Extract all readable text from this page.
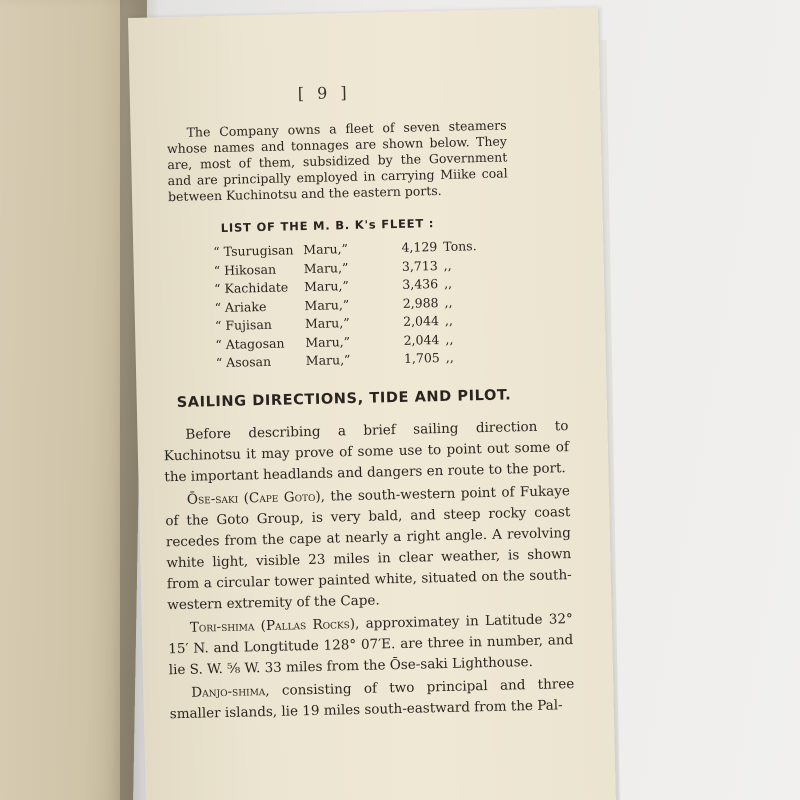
[ 9 ]

The Company owns a fleet of seven steamers whose names and tonnages are shown below. They are, most of them, subsidized by the Government and are principally employed in carrying Miike coal between Kuchinotsu and the eastern ports.

LIST OF THE M. B. K's FLEET :
“ Tsurugisan Maru,”	4,129 Tons.
“ Hikosan	Maru,”	3,713 ,,
“ Kachidate	Maru,”	3,436 ,,
“ Ariake	Maru,”	2,988 ,,
“ Fujisan	Maru,”	2,044 ,,
“ Atagosan	Maru,”	2,044 ,,
“ Asosan	Maru,”	1,705 ,,
SAILING DIRECTIONS, TIDE AND PILOT.

Before describing a brief sailing direction to Kuchinotsu it may prove of some use to point out some of the important headlands and dangers en route to the port.

Ōse-saki (Cape Goto), the south-western point of Fukaye of the Goto Group, is very bald, and steep rocky coast recedes from the cape at nearly a right angle. A revolving white light, visible 23 miles in clear weather, is shown from a circular tower painted white, situated on the south-western extremity of the Cape.

Tori-shima (Pallas Rocks), approximatey in Latitude 32° 15′ N. and Longtitude 128° 07′E. are three in number, and lie S. W. ⅝ W. 33 miles from the Ōse-saki Lighthouse.

Danjo-shima, consisting of two principal and three smaller islands, lie 19 miles south-eastward from the Pal-
